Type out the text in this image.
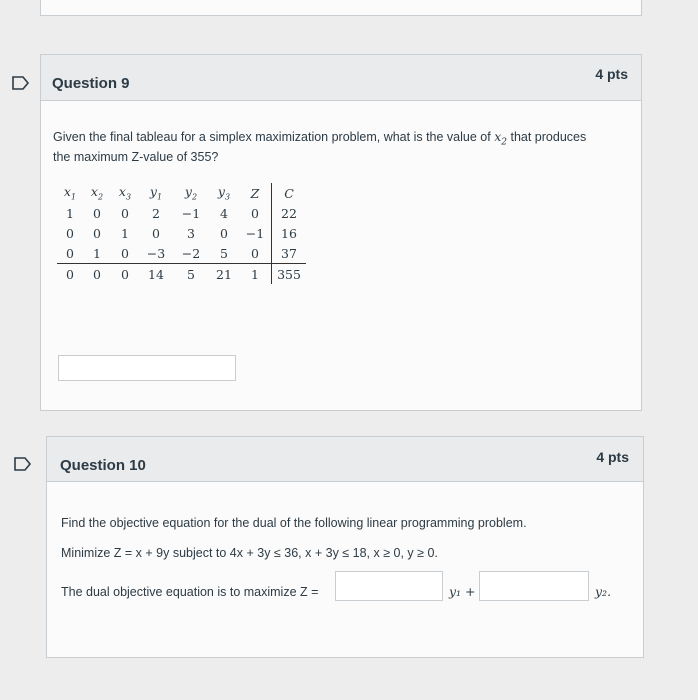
Question 9
4 pts
Given the final tableau for a simplex maximization problem, what is the value of $x_2$ that produces
the maximum Z-value of 355?
$x_1$	$x_2$	$x_3$	$y_1$	$y_2$	$y_3$	Z	C
1	0	0	2	−1	4	0	22
0	0	1	0	3	0	−1	16
0	1	0	−3	−2	5	0	37
0	0	0	14	5	21	1	355
Question 10	4 pts
Find the objective equation for the dual of the following linear programming problem.
Minimize Z = x + 9y subject to 4x + 3y ≤ 36, x + 3y ≤ 18, x ≥ 0, y ≥ 0.
The dual objective equation is to maximize Z =	y₁ +	y₂.
